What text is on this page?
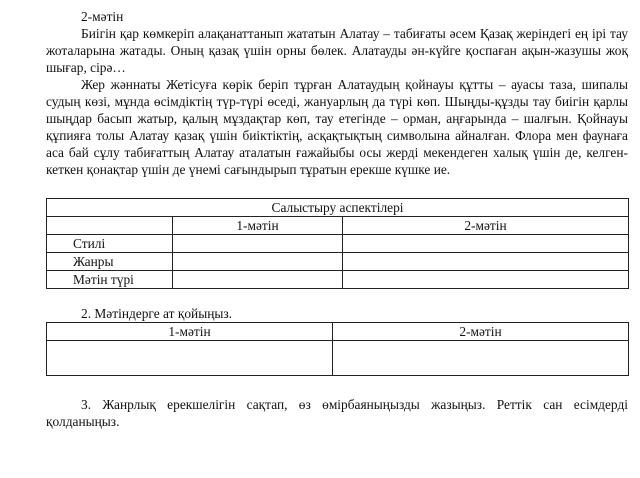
2-мәтін

Биігін қар көмкеріп алақанаттанып жататын Алатау – табиғаты әсем Қазақ жеріндегі ең ірі тау жоталарына жатады. Оның қазақ үшін орны бөлек. Алатауды ән-күйге қоспаған ақын-жазушы жоқ шығар, сірә…

Жер жәннаты Жетісуға көрік беріп тұрған Алатаудың қойнауы құтты – ауасы таза, шипалы судың көзі, мұнда өсімдіктің түр-түрі өседі, жануарлың да түрі көп. Шыңды-құзды тау биігін қарлы шыңдар басып жатыр, қалың мұздақтар көп, тау етегінде – орман, аңғарында – шалғын. Қойнауы құпияға толы Алатау қазақ үшін биіктіктің, асқақтықтың символына айналған. Флора мен фаунаға аса бай сұлу табиғаттың Алатау аталатын ғажайыбы осы жерді мекендеген халық үшін де, келген-кеткен қонақтар үшін де үнемі сағындырып тұратын ерекше күшке ие.

Салыстыру аспектілері		
	1-мәтін	2-мәтін
Стилі		
Жанры		
Мәтін түрі		
2. Мәтіндерге ат қойыңыз.
1-мәтін	2-мәтін

3. Жанрлық ерекшелігін сақтап, өз өмірбаяныңызды жазыңыз. Реттік сан есімдерді қолданыңыз.
